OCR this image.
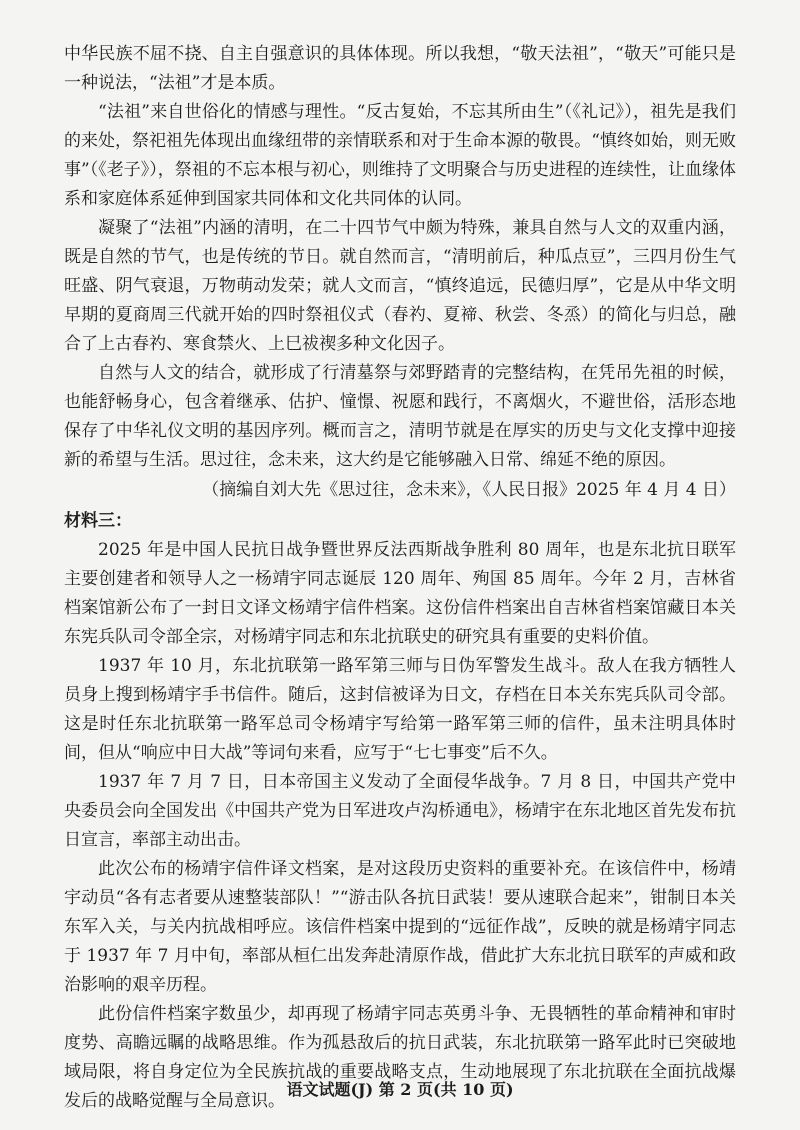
中华民族不屈不挠、自主自强意识的具体体现。所以我想，“敬天法祖”，“敬天”可能只是一种说法，“法祖”才是本质。

“法祖”来自世俗化的情感与理性。“反古复始，不忘其所由生”（《礼记》），祖先是我们的来处，祭祀祖先体现出血缘纽带的亲情联系和对于生命本源的敬畏。“慎终如始，则无败事”（《老子》），祭祖的不忘本根与初心，则维持了文明聚合与历史进程的连续性，让血缘体系和家庭体系延伸到国家共同体和文化共同体的认同。

凝聚了“法祖”内涵的清明，在二十四节气中颇为特殊，兼具自然与人文的双重内涵，既是自然的节气，也是传统的节日。就自然而言，“清明前后，种瓜点豆”，三四月份生气旺盛、阴气衰退，万物萌动发荣；就人文而言，“慎终追远，民德归厚”，它是从中华文明早期的夏商周三代就开始的四时祭祖仪式（春礿、夏禘、秋尝、冬烝）的简化与归总，融合了上古春礿、寒食禁火、上巳祓禊多种文化因子。

自然与人文的结合，就形成了行清墓祭与郊野踏青的完整结构，在凭吊先祖的时候，也能舒畅身心，包含着继承、估护、憧憬、祝愿和践行，不离烟火，不避世俗，活形态地保存了中华礼仪文明的基因序列。概而言之，清明节就是在厚实的历史与文化支撑中迎接新的希望与生活。思过往，念未来，这大约是它能够融入日常、绵延不绝的原因。

（摘编自刘大先《思过往，念未来》，《人民日报》2025 年 4 月 4 日）

材料三：

2025 年是中国人民抗日战争暨世界反法西斯战争胜利 80 周年，也是东北抗日联军主要创建者和领导人之一杨靖宇同志诞辰 120 周年、殉国 85 周年。今年 2 月，吉林省档案馆新公布了一封日文译文杨靖宇信件档案。这份信件档案出自吉林省档案馆藏日本关东宪兵队司令部全宗，对杨靖宇同志和东北抗联史的研究具有重要的史料价值。

1937 年 10 月，东北抗联第一路军第三师与日伪军警发生战斗。敌人在我方牺牲人员身上搜到杨靖宇手书信件。随后，这封信被译为日文，存档在日本关东宪兵队司令部。这是时任东北抗联第一路军总司令杨靖宇写给第一路军第三师的信件，虽未注明具体时间，但从“响应中日大战”等词句来看，应写于“七七事变”后不久。

1937 年 7 月 7 日，日本帝国主义发动了全面侵华战争。7 月 8 日，中国共产党中央委员会向全国发出《中国共产党为日军进攻卢沟桥通电》，杨靖宇在东北地区首先发布抗日宣言，率部主动出击。

此次公布的杨靖宇信件译文档案，是对这段历史资料的重要补充。在该信件中，杨靖宇动员“各有志者要从速整装部队！”“游击队各抗日武装！要从速联合起来”，钳制日本关东军入关，与关内抗战相呼应。该信件档案中提到的“远征作战”，反映的就是杨靖宇同志于 1937 年 7 月中旬，率部从桓仁出发奔赴清原作战，借此扩大东北抗日联军的声威和政治影响的艰辛历程。

此份信件档案字数虽少，却再现了杨靖宇同志英勇斗争、无畏牺牲的革命精神和审时度势、高瞻远瞩的战略思维。作为孤悬敌后的抗日武装，东北抗联第一路军此时已突破地域局限，将自身定位为全民族抗战的重要战略支点，生动地展现了东北抗联在全面抗战爆发后的战略觉醒与全局意识。

语文试题(J) 第 2 页(共 10 页)
